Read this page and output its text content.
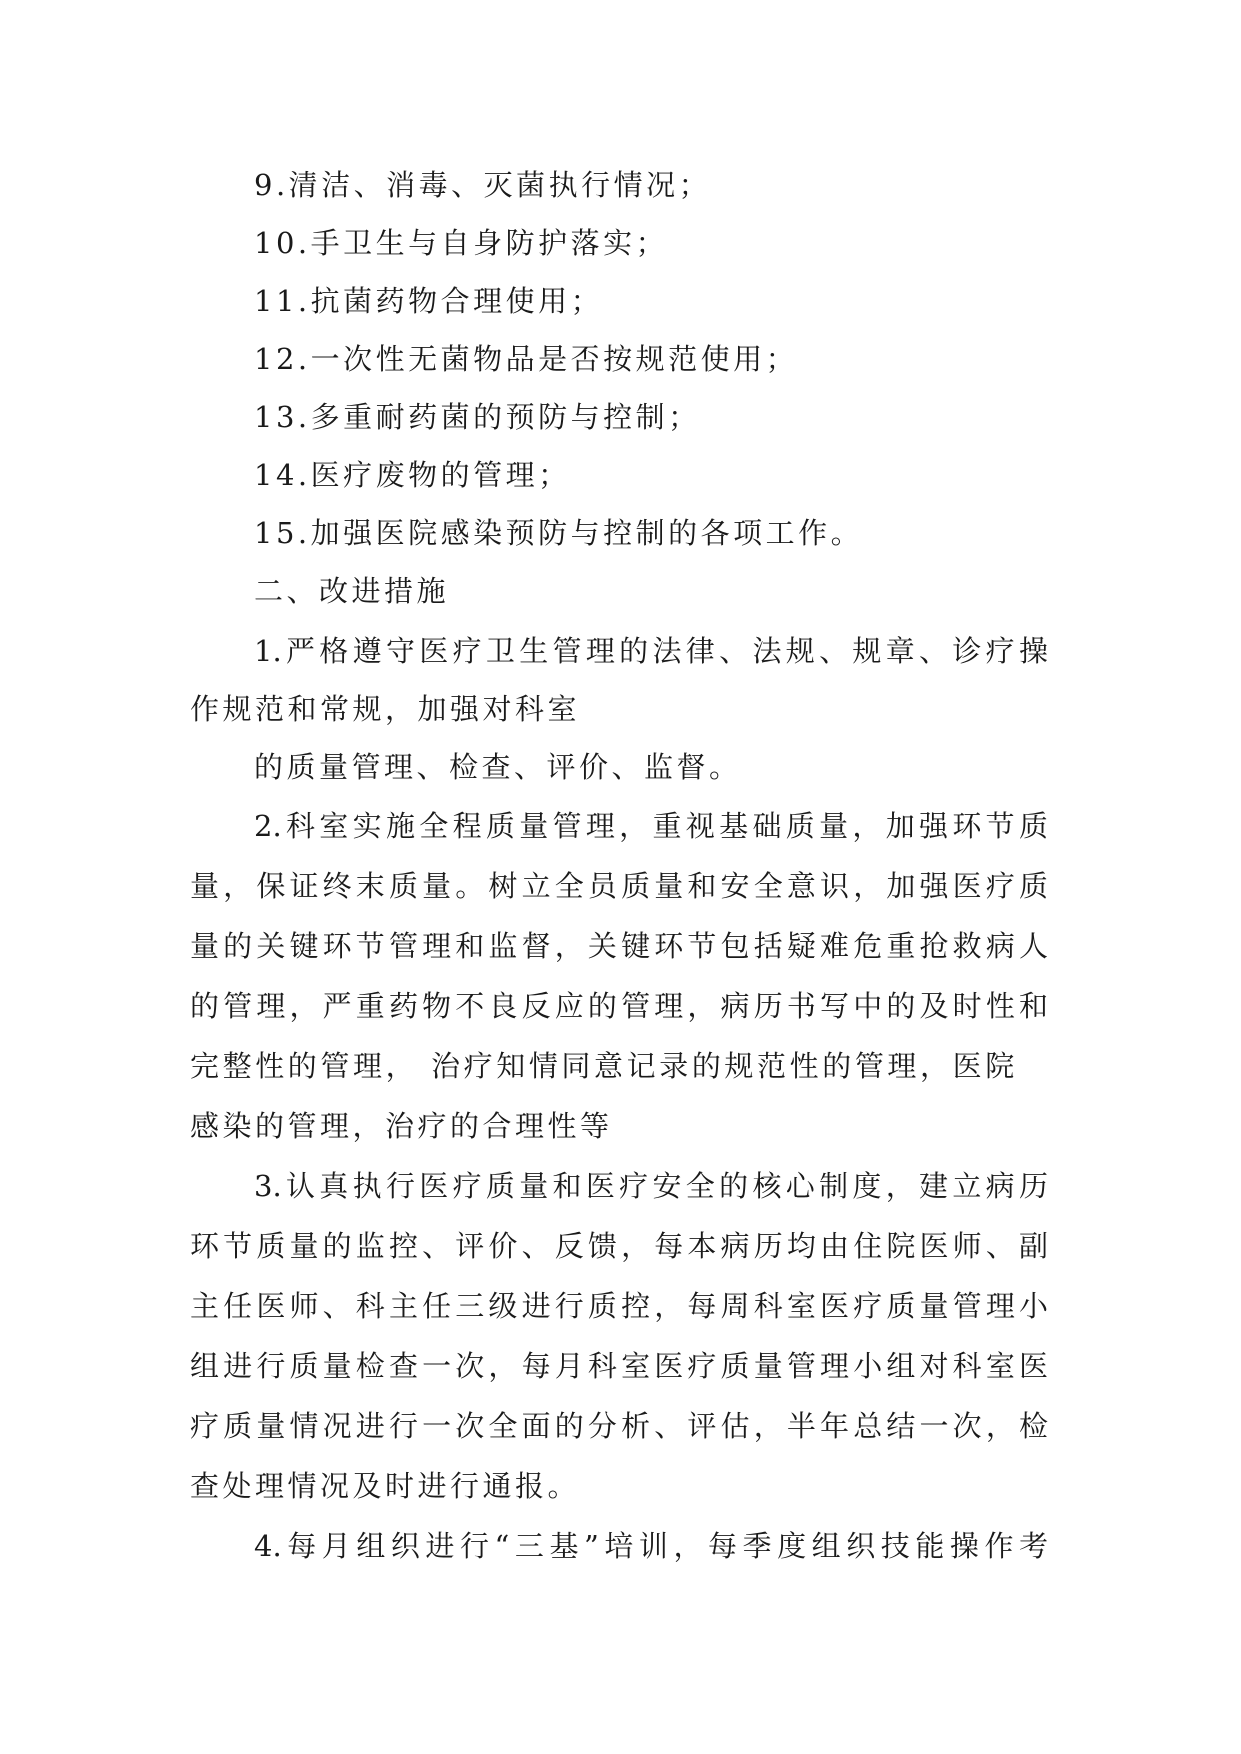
9.清洁、消毒、灭菌执行情况；
10.手卫生与自身防护落实；
11.抗菌药物合理使用；
12.一次性无菌物品是否按规范使用；
13.多重耐药菌的预防与控制；
14.医疗废物的管理；
15.加强医院感染预防与控制的各项工作。
二、改进措施
1.严格遵守医疗卫生管理的法律、法规、规章、诊疗操
作规范和常规，加强对科室
的质量管理、检查、评价、监督。
2.科室实施全程质量管理，重视基础质量，加强环节质
量，保证终末质量。树立全员质量和安全意识，加强医疗质
量的关键环节管理和监督，关键环节包括疑难危重抢救病人
的管理，严重药物不良反应的管理，病历书写中的及时性和
完整性的管理， 治疗知情同意记录的规范性的管理，医院
感染的管理，治疗的合理性等
3.认真执行医疗质量和医疗安全的核心制度，建立病历
环节质量的监控、评价、反馈，每本病历均由住院医师、副
主任医师、科主任三级进行质控，每周科室医疗质量管理小
组进行质量检查一次，每月科室医疗质量管理小组对科室医
疗质量情况进行一次全面的分析、评估，半年总结一次，检
查处理情况及时进行通报。
4.每月组织进行“三基”培训，每季度组织技能操作考
